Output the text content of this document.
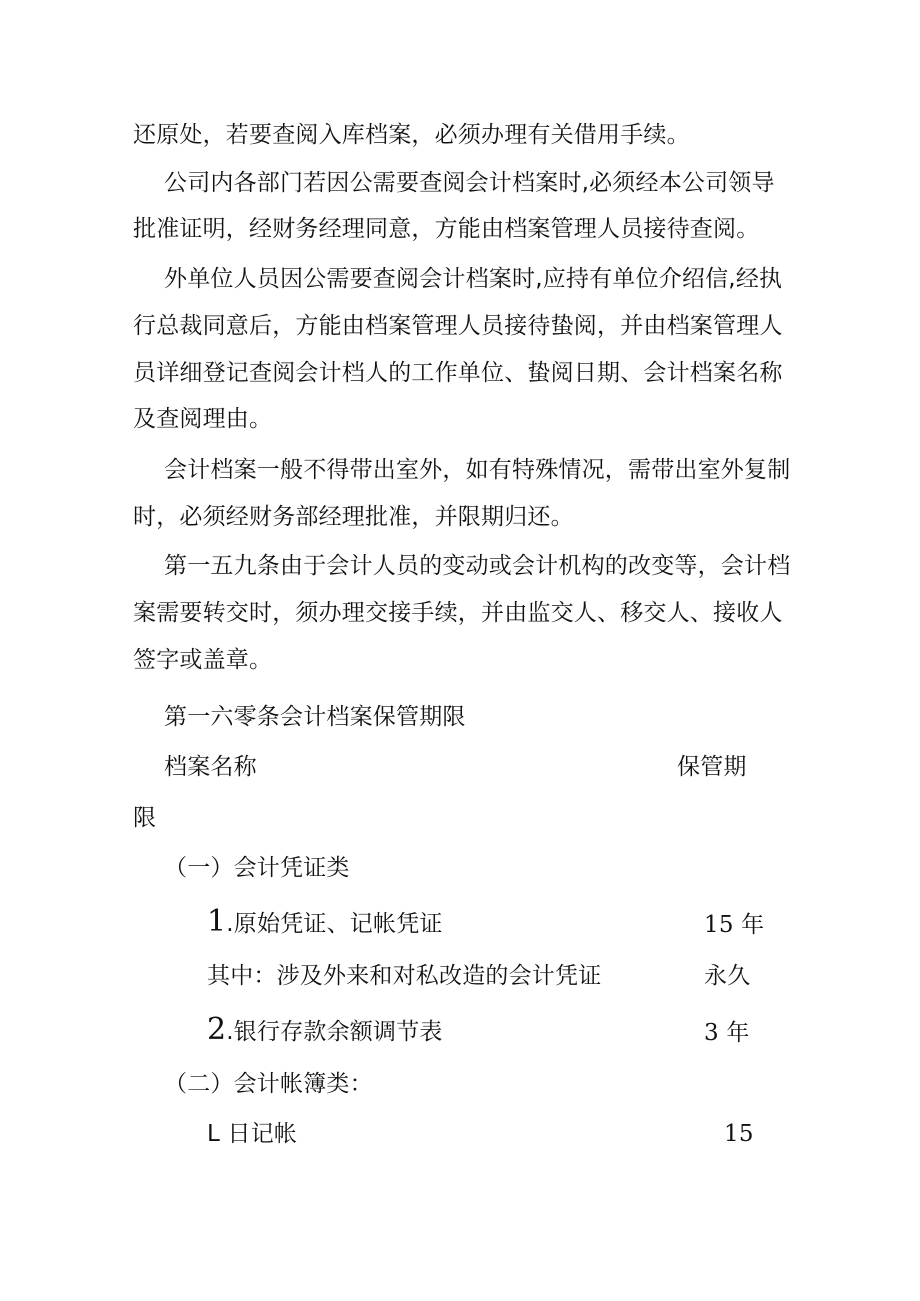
还原处，若要查阅入库档案，必须办理有关借用手续。
公司内各部门若因公需要查阅会计档案时,必须经本公司领导
批准证明，经财务经理同意，方能由档案管理人员接待查阅。
外单位人员因公需要查阅会计档案时,应持有单位介绍信,经执
行总裁同意后，方能由档案管理人员接待蛰阅，并由档案管理人
员详细登记查阅会计档人的工作单位、蛰阅日期、会计档案名称
及查阅理由。
会计档案一般不得带出室外，如有特殊情况，需带出室外复制
时，必须经财务部经理批准，并限期归还。
第一五九条由于会计人员的变动或会计机构的改变等，会计档
案需要转交时，须办理交接手续，并由监交人、移交人、接收人
签字或盖章。
第一六零条会计档案保管期限
档案名称	保管期
限
（一）会计凭证类
1.原始凭证、记帐凭证	15 年
其中：涉及外来和对私改造的会计凭证	永久
2.银行存款余额调节表	3 年
（二）会计帐簿类：
L 日记帐	15
